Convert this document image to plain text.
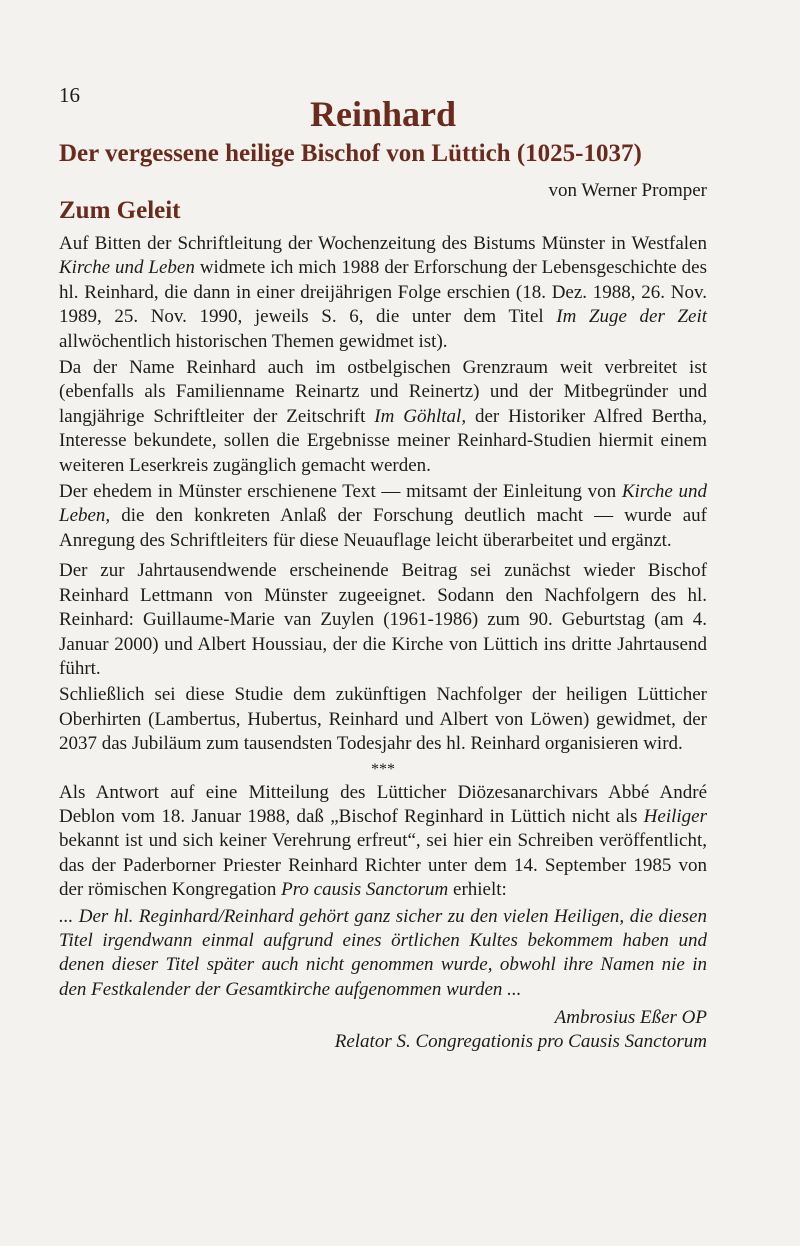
16	Reinhard
Der vergessene heilige Bischof von Lüttich (1025-1037)
von Werner Promper
Zum Geleit

Auf Bitten der Schriftleitung der Wochenzeitung des Bistums Münster in Westfalen Kirche und Leben widmete ich mich 1988 der Erforschung der Lebensgeschichte des hl. Reinhard, die dann in einer dreijährigen Folge erschien (18. Dez. 1988, 26. Nov. 1989, 25. Nov. 1990, jeweils S. 6, die unter dem Titel Im Zuge der Zeit allwöchentlich historischen Themen gewidmet ist).

Da der Name Reinhard auch im ostbelgischen Grenzraum weit verbreitet ist (ebenfalls als Familienname Reinartz und Reinertz) und der Mitbegründer und langjährige Schriftleiter der Zeitschrift Im Göhltal, der Historiker Alfred Bertha, Interesse bekundete, sollen die Ergebnisse meiner Reinhard-Studien hiermit einem weiteren Leserkreis zugänglich gemacht werden.

Der ehedem in Münster erschienene Text — mitsamt der Einleitung von Kirche und Leben, die den konkreten Anlaß der Forschung deutlich macht — wurde auf Anregung des Schriftleiters für diese Neuauflage leicht überarbeitet und ergänzt.

Der zur Jahrtausendwende erscheinende Beitrag sei zunächst wieder Bischof Reinhard Lettmann von Münster zugeeignet. Sodann den Nachfolgern des hl. Reinhard: Guillaume-Marie van Zuylen (1961-1986) zum 90. Geburtstag (am 4. Januar 2000) und Albert Houssiau, der die Kirche von Lüttich ins dritte Jahrtausend führt.

Schließlich sei diese Studie dem zukünftigen Nachfolger der heiligen Lütticher Oberhirten (Lambertus, Hubertus, Reinhard und Albert von Löwen) gewidmet, der 2037 das Jubiläum zum tausendsten Todesjahr des hl. Reinhard organisieren wird.

***

Als Antwort auf eine Mitteilung des Lütticher Diözesanarchivars Abbé André Deblon vom 18. Januar 1988, daß „Bischof Reginhard in Lüttich nicht als Heiliger bekannt ist und sich keiner Verehrung erfreut“, sei hier ein Schreiben veröffentlicht, das der Paderborner Priester Reinhard Richter unter dem 14. September 1985 von der römischen Kongregation Pro causis Sanctorum erhielt:

... Der hl. Reginhard/Reinhard gehört ganz sicher zu den vielen Heiligen, die diesen Titel irgendwann einmal aufgrund eines örtlichen Kultes bekommem haben und denen dieser Titel später auch nicht genommen wurde, obwohl ihre Namen nie in den Festkalender der Gesamtkirche aufgenommen wurden ...

Ambrosius Eßer OP

Relator S. Congregationis pro Causis Sanctorum
